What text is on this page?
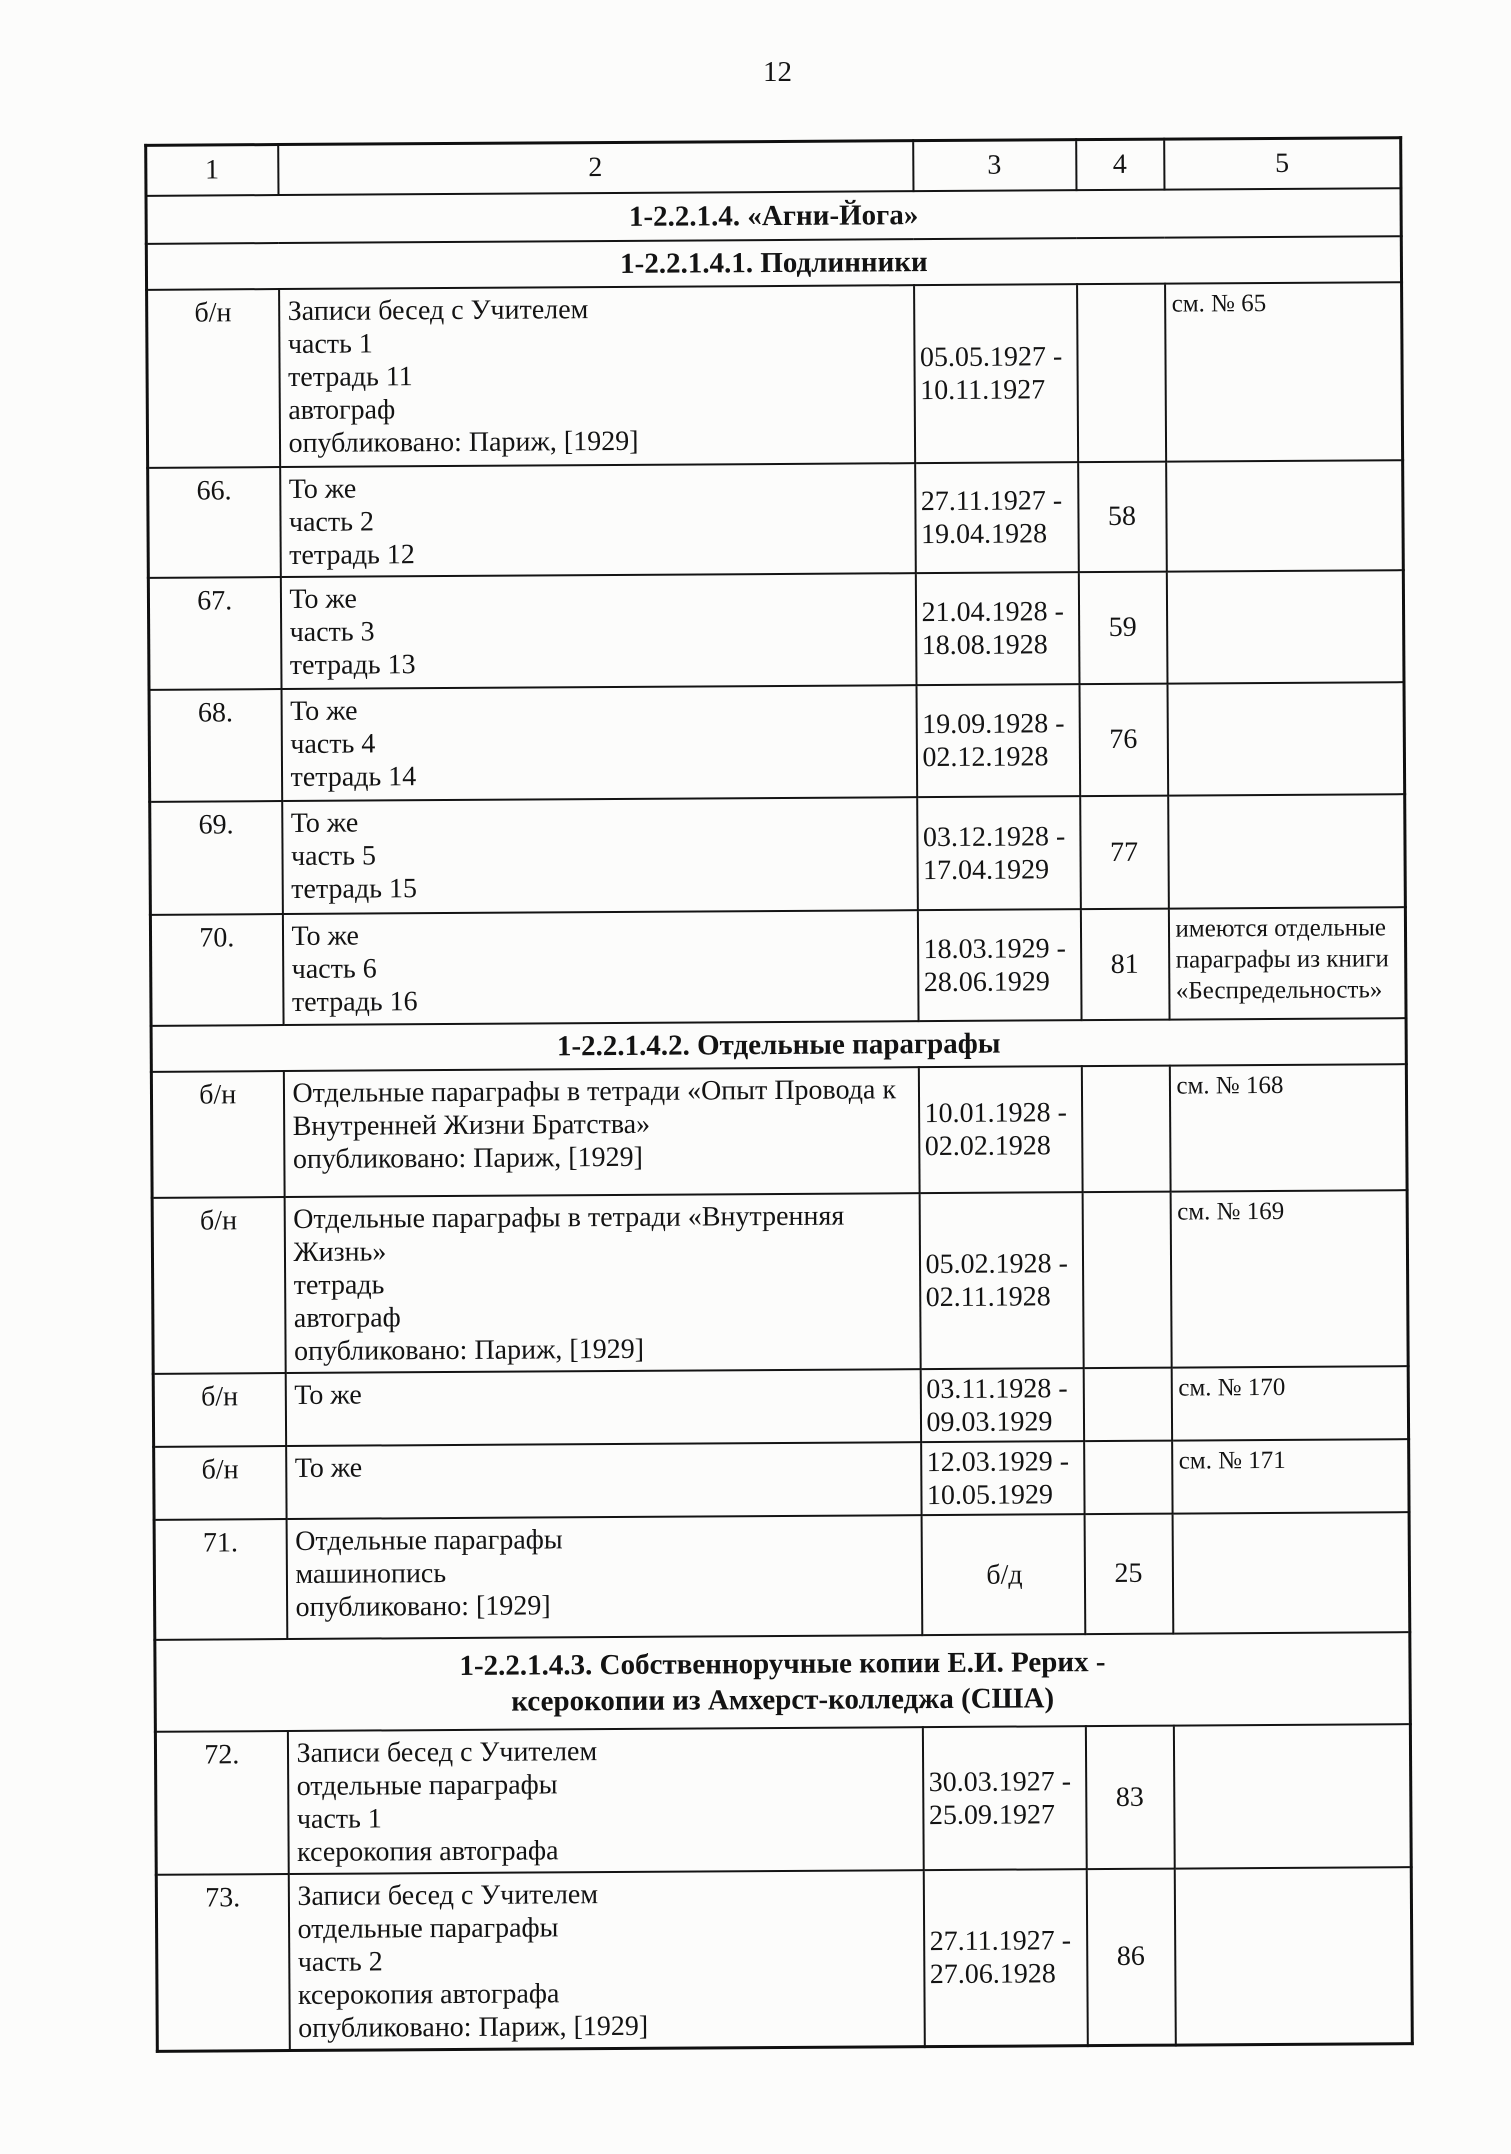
12
1	2	3	4	5
1-2.2.1.4. «Агни-Йога»				
1-2.2.1.4.1. Подлинники				
б/н	Записи бесед с Учителем
часть 1
тетрадь 11
автограф
опубликовано: Париж, [1929]	05.05.1927 -
10.11.1927		см. № 65
66.	То же
часть 2
тетрадь 12	27.11.1927 -
19.04.1928	58	
67.	То же
часть 3
тетрадь 13	21.04.1928 -
18.08.1928	59	
68.	То же
часть 4
тетрадь 14	19.09.1928 -
02.12.1928	76	
69.	То же
часть 5
тетрадь 15	03.12.1928 -
17.04.1929	77	
70.	То же
часть 6
тетрадь 16	18.03.1929 -
28.06.1929	81	имеются отдельные параграфы из книги «Беспредельность»
1-2.2.1.4.2. Отдельные параграфы				
б/н	Отдельные параграфы в тетради «Опыт Провода к Внутренней Жизни Братства»
опубликовано: Париж, [1929]	10.01.1928 -
02.02.1928		см. № 168
б/н	Отдельные параграфы в тетради «Внутренняя Жизнь»
тетрадь
автограф
опубликовано: Париж, [1929]	05.02.1928 -
02.11.1928		см. № 169
б/н	То же	03.11.1928 -
09.03.1929		см. № 170
б/н	То же	12.03.1929 -
10.05.1929		см. № 171
71.	Отдельные параграфы
машинопись
опубликовано: [1929]	б/д	25	
1-2.2.1.4.3. Собственноручные копии Е.И. Рерих -
ксерокопии из Амхерст-колледжа (США)				
72.	Записи бесед с Учителем
отдельные параграфы
часть 1
ксерокопия автографа	30.03.1927 -
25.09.1927	83	
73.	Записи бесед с Учителем
отдельные параграфы
часть 2
ксерокопия автографа
опубликовано: Париж, [1929]	27.11.1927 -
27.06.1928	86	
